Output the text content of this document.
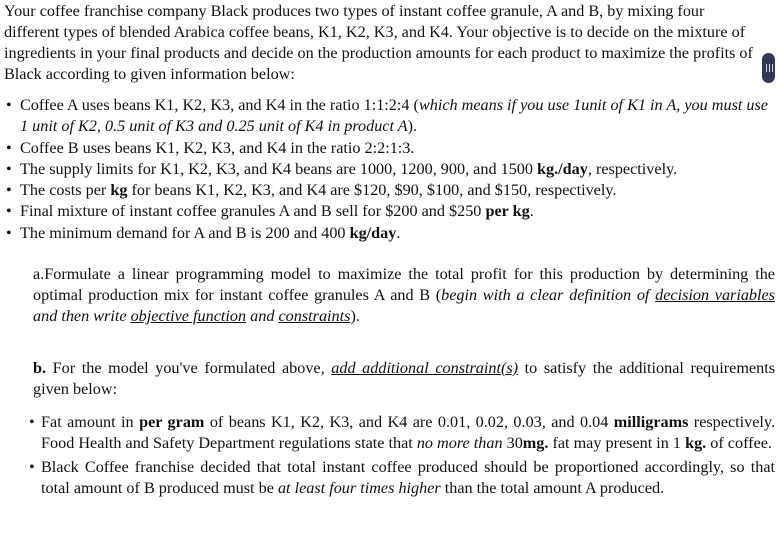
Your coffee franchise company Black produces two types of instant coffee granule, A and B, by mixing four different types of blended Arabica coffee beans, K1, K2, K3, and K4. Your objective is to decide on the mixture of ingredients in your final products and decide on the production amounts for each product to maximize the profits of Black according to given information below:

• Coffee A uses beans K1, K2, K3, and K4 in the ratio 1:1:2:4 (which means if you use 1unit of K1 in A, you must use 1 unit of K2, 0.5 unit of K3 and 0.25 unit of K4 in product A).
• Coffee B uses beans K1, K2, K3, and K4 in the ratio 2:2:1:3.
• The supply limits for K1, K2, K3, and K4 beans are 1000, 1200, 900, and 1500 kg./day, respectively.
• The costs per kg for beans K1, K2, K3, and K4 are $120, $90, $100, and $150, respectively.
• Final mixture of instant coffee granules A and B sell for $200 and $250 per kg.
• The minimum demand for A and B is 200 and 400 kg/day.

a.Formulate a linear programming model to maximize the total profit for this production by determining the optimal production mix for instant coffee granules A and B (begin with a clear definition of decision variables and then write objective function and constraints).

b. For the model you've formulated above, add additional constraint(s) to satisfy the additional requirements given below:

• Fat amount in per gram of beans K1, K2, K3, and K4 are 0.01, 0.02, 0.03, and 0.04 milligrams respectively. Food Health and Safety Department regulations state that no more than 30mg. fat may present in 1 kg. of coffee.
• Black Coffee franchise decided that total instant coffee produced should be proportioned accordingly, so that total amount of B produced must be at least four times higher than the total amount A produced.
